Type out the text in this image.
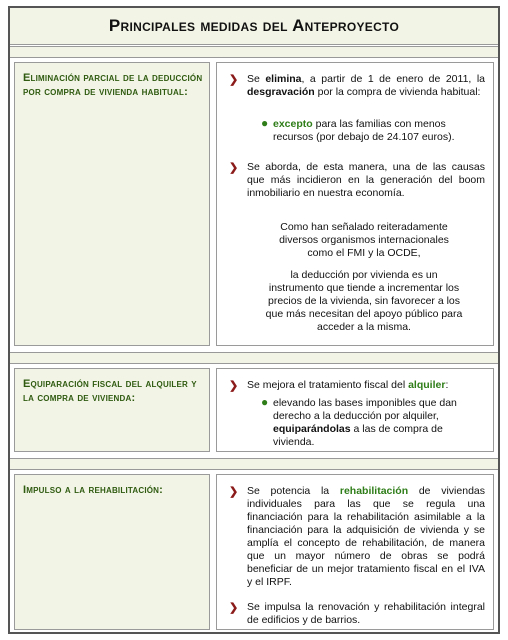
Principales medidas del Anteproyecto
Eliminación parcial de la deducción por compra de vivienda habitual:
❯ Se elimina, a partir de 1 de enero de 2011, la desgravación por la compra de vivienda habitual:
● excepto para las familias con menos recursos (por debajo de 24.107 euros).
❯ Se aborda, de esta manera, una de las causas que más incidieron en la generación del boom inmobiliario en nuestra economía.
Como han señalado reiteradamente diversos organismos internacionales como el FMI y la OCDE,
la deducción por vivienda es un instrumento que tiende a incrementar los precios de la vivienda, sin favorecer a los que más necesitan del apoyo público para acceder a la misma.
Equiparación fiscal del alquiler y la compra de vivienda:
❯ Se mejora el tratamiento fiscal del alquiler:
● elevando las bases imponibles que dan derecho a la deducción por alquiler, equiparándolas a las de compra de vivienda.
Impulso a la rehabilitación:	❯ Se potencia la rehabilitación de viviendas individuales para las que se regula una financiación para la rehabilitación asimilable a la financiación para la adquisición de vivienda y se amplía el concepto de rehabilitación, de manera que un mayor número de obras se podrá beneficiar de un mejor tratamiento fiscal en el IVA y el IRPF.
❯ Se impulsa la renovación y rehabilitación integral de edificios y de barrios.
